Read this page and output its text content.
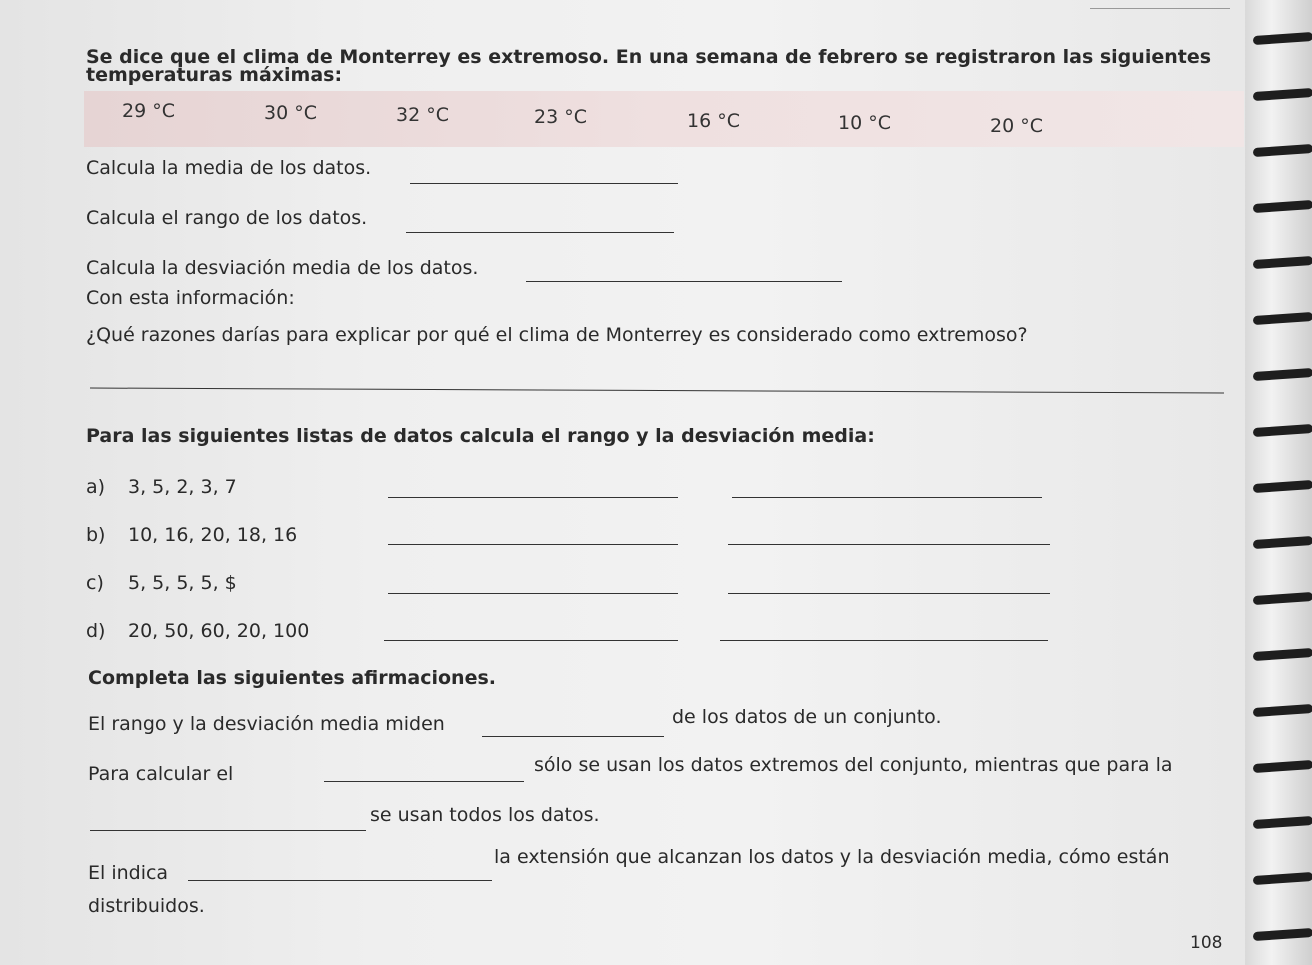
Se dice que el clima de Monterrey es extremoso. En una semana de febrero se registraron las siguientes
temperaturas máximas:
29 °C	30 °C	32 °C	23 °C	16 °C	10 °C	20 °C
Calcula la media de los datos.
Calcula el rango de los datos.
Calcula la desviación media de los datos.
Con esta información:
¿Qué razones darías para explicar por qué el clima de Monterrey es considerado como extremoso?
Para las siguientes listas de datos calcula el rango y la desviación media:
a) 3, 5, 2, 3, 7
b) 10, 16, 20, 18, 16
c) 5, 5, 5, 5, $
d) 20, 50, 60, 20, 100
Completa las siguientes afirmaciones.
El rango y la desviación media miden	de los datos de un conjunto.
Para calcular el	sólo se usan los datos extremos del conjunto, mientras que para la
se usan todos los datos.
El indica
la extensión que alcanzan los datos y la desviación media, cómo están
distribuidos.
108
